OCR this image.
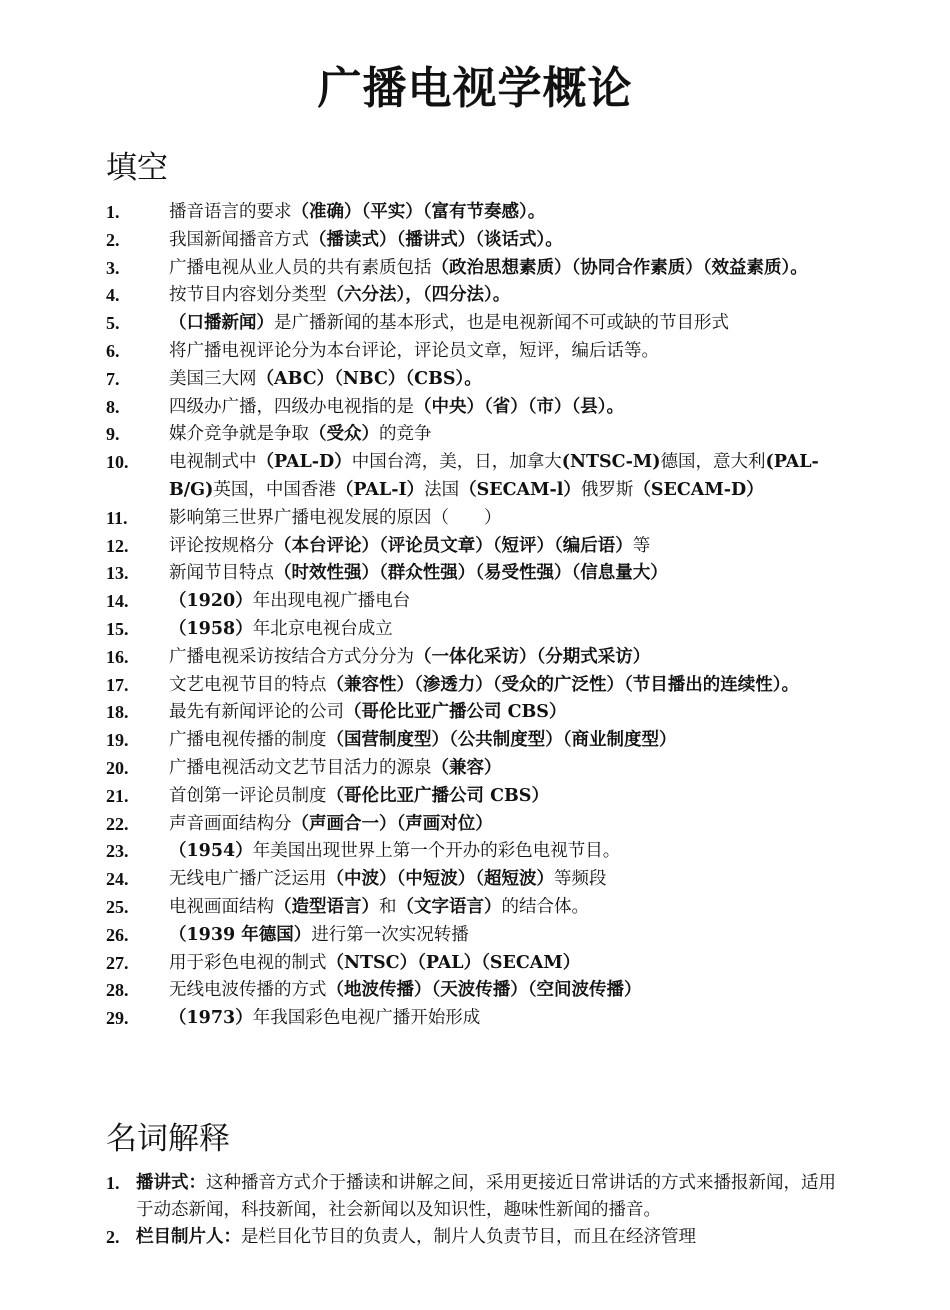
广播电视学概论
填空
1.	播音语言的要求（准确）（平实）（富有节奏感）。
2.	我国新闻播音方式（播读式）（播讲式）（谈话式）。
3.	广播电视从业人员的共有素质包括（政治思想素质）（协同合作素质）（效益素质）。
4.	按节目内容划分类型（六分法），（四分法）。
5.	（口播新闻）是广播新闻的基本形式，也是电视新闻不可或缺的节目形式
6.	将广播电视评论分为本台评论，评论员文章，短评，编后话等。
7.	美国三大网（ABC）（NBC）（CBS）。
8.	四级办广播，四级办电视指的是（中央）（省）（市）（县）。
9.	媒介竞争就是争取（受众）的竞争
10. 电视制式中（PAL-D）中国台湾，美，日，加拿大(NTSC-M)德国，意大利(PAL-B/G)英国，中国香港（PAL-I）法国（SECAM-l）俄罗斯（SECAM-D）
11. 影响第三世界广播电视发展的原因（　　）
12. 评论按规格分（本台评论）（评论员文章）（短评）（编后语）等
13. 新闻节目特点（时效性强）（群众性强）（易受性强）（信息量大）
14. （1920）年出现电视广播电台
15. （1958）年北京电视台成立
16. 广播电视采访按结合方式分分为（一体化采访）（分期式采访）
17. 文艺电视节目的特点（兼容性）（渗透力）（受众的广泛性）（节目播出的连续性）。
18. 最先有新闻评论的公司（哥伦比亚广播公司 CBS）
19. 广播电视传播的制度（国营制度型）（公共制度型）（商业制度型）
20. 广播电视活动文艺节目活力的源泉（兼容）
21. 首创第一评论员制度（哥伦比亚广播公司 CBS）
22. 声音画面结构分（声画合一）（声画对位）
23. （1954）年美国出现世界上第一个开办的彩色电视节目。
24. 无线电广播广泛运用（中波）（中短波）（超短波）等频段
25. 电视画面结构（造型语言）和（文字语言）的结合体。
26. （1939 年德国）进行第一次实况转播
27. 用于彩色电视的制式（NTSC）（PAL）（SECAM）
28. 无线电波传播的方式（地波传播）（天波传播）（空间波传播）
29. （1973）年我国彩色电视广播开始形成
名词解释
1. 播讲式：这种播音方式介于播读和讲解之间，采用更接近日常讲话的方式来播报新闻，适用于动态新闻，科技新闻，社会新闻以及知识性，趣味性新闻的播音。
2. 栏目制片人：是栏目化节目的负责人，制片人负责节目，而且在经济管理
